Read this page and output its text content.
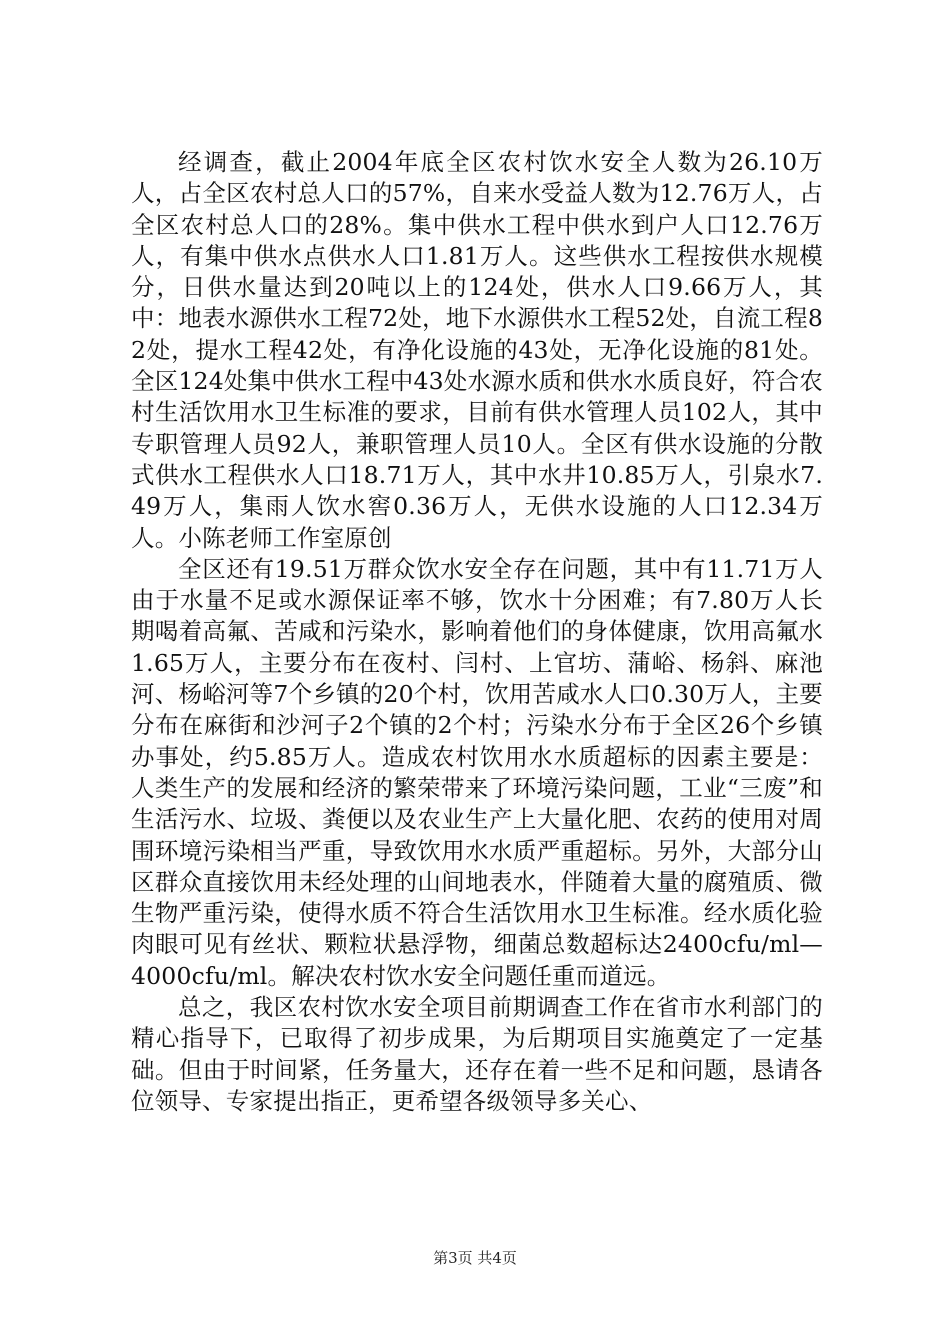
经调查，截止2004年底全区农村饮水安全人数为26.10万人，占全区农村总人口的57%，自来水受益人数为12.76万人，占全区农村总人口的28%。集中供水工程中供水到户人口12.76万人，有集中供水点供水人口1.81万人。这些供水工程按供水规模分，日供水量达到20吨以上的124处，供水人口9.66万人，其中：地表水源供水工程72处，地下水源供水工程52处，自流工程82处，提水工程42处，有净化设施的43处，无净化设施的81处。全区124处集中供水工程中43处水源水质和供水水质良好，符合农村生活饮用水卫生标准的要求，目前有供水管理人员102人，其中专职管理人员92人，兼职管理人员10人。全区有供水设施的分散式供水工程供水人口18.71万人，其中水井10.85万人，引泉水7.49万人，集雨人饮水窖0.36万人，无供水设施的人口12.34万人。小陈老师工作室原创

全区还有19.51万群众饮水安全存在问题，其中有11.71万人由于水量不足或水源保证率不够，饮水十分困难；有7.80万人长期喝着高氟、苦咸和污染水，影响着他们的身体健康，饮用高氟水1.65万人，主要分布在夜村、闫村、上官坊、蒲峪、杨斜、麻池河、杨峪河等7个乡镇的20个村，饮用苦咸水人口0.30万人，主要分布在麻街和沙河子2个镇的2个村；污染水分布于全区26个乡镇办事处，约5.85万人。造成农村饮用水水质超标的因素主要是：人类生产的发展和经济的繁荣带来了环境污染问题，工业“三废”和生活污水、垃圾、粪便以及农业生产上大量化肥、农药的使用对周围环境污染相当严重，导致饮用水水质严重超标。另外，大部分山区群众直接饮用未经处理的山间地表水，伴随着大量的腐殖质、微生物严重污染，使得水质不符合生活饮用水卫生标准。经水质化验肉眼可见有丝状、颗粒状悬浮物，细菌总数超标达2400cfu/ml—4000cfu/ml。解决农村饮水安全问题任重而道远。

总之，我区农村饮水安全项目前期调查工作在省市水利部门的精心指导下，已取得了初步成果，为后期项目实施奠定了一定基础。但由于时间紧，任务量大，还存在着一些不足和问题，恳请各位领导、专家提出指正，更希望各级领导多关心、

第3页 共4页
